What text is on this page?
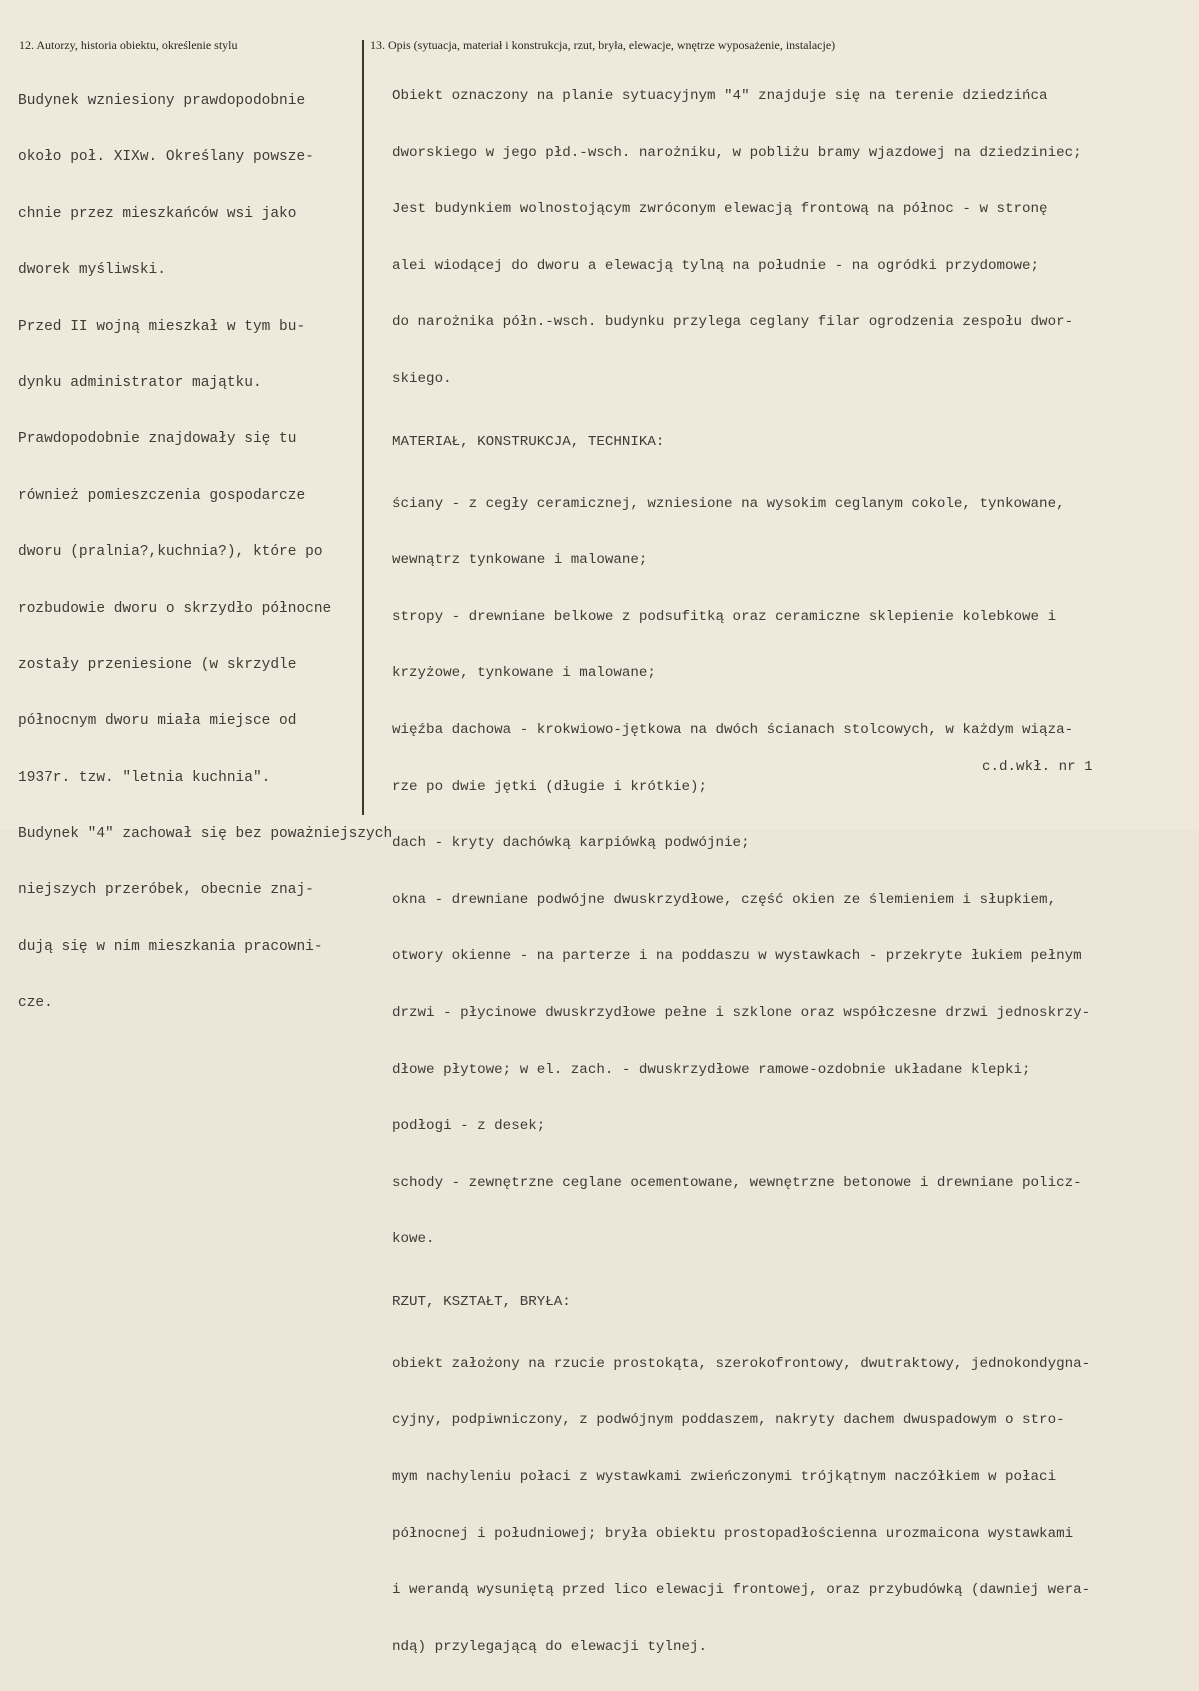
12. Autorzy, historia obiektu, określenie stylu	13. Opis (sytuacja, materiał i konstrukcja, rzut, bryła, elewacje, wnętrze wyposażenie, instalacje)

Budynek wzniesiony prawdopodobnie

około poł. XIXw. Określany powsze-

chnie przez mieszkańców wsi jako

dworek myśliwski.

Przed II wojną mieszkał w tym bu-

dynku administrator majątku.

Prawdopodobnie znajdowały się tu

również pomieszczenia gospodarcze

dworu (pralnia?,kuchnia?), które po

rozbudowie dworu o skrzydło północne

zostały przeniesione (w skrzydle

północnym dworu miała miejsce od

1937r. tzw. "letnia kuchnia".

Budynek "4" zachował się bez poważniejszych

niejszych przeróbek, obecnie znaj-

dują się w nim mieszkania pracowni-

cze.

Obiekt oznaczony na planie sytuacyjnym "4" znajduje się na terenie dziedzińca

dworskiego w jego płd.-wsch. narożniku, w pobliżu bramy wjazdowej na dziedziniec;

Jest budynkiem wolnostojącym zwróconym elewacją frontową na północ - w stronę

alei wiodącej do dworu a elewacją tylną na południe - na ogródki przydomowe;

do narożnika półn.-wsch. budynku przylega ceglany filar ogrodzenia zespołu dwor-

skiego.

MATERIAŁ, KONSTRUKCJA, TECHNIKA:

ściany - z cegły ceramicznej, wzniesione na wysokim ceglanym cokole, tynkowane,

wewnątrz tynkowane i malowane;

stropy - drewniane belkowe z podsufitką oraz ceramiczne sklepienie kolebkowe i

krzyżowe, tynkowane i malowane;

więźba dachowa - krokwiowo-jętkowa na dwóch ścianach stolcowych, w każdym wiąza-

rze po dwie jętki (długie i krótkie);

dach - kryty dachówką karpiówką podwójnie;

okna - drewniane podwójne dwuskrzydłowe, część okien ze ślemieniem i słupkiem,

otwory okienne - na parterze i na poddaszu w wystawkach - przekryte łukiem pełnym

drzwi - płycinowe dwuskrzydłowe pełne i szklone oraz współczesne drzwi jednoskrzy-

dłowe płytowe; w el. zach. - dwuskrzydłowe ramowe-ozdobnie układane klepki;

podłogi - z desek;

schody - zewnętrzne ceglane ocementowane, wewnętrzne betonowe i drewniane policz-

kowe.

RZUT, KSZTAŁT, BRYŁA:

obiekt założony na rzucie prostokąta, szerokofrontowy, dwutraktowy, jednokondygna-

cyjny, podpiwniczony, z podwójnym poddaszem, nakryty dachem dwuspadowym o stro-

mym nachyleniu połaci z wystawkami zwieńczonymi trójkątnym naczółkiem w połaci

północnej i południowej; bryła obiektu prostopadłościenna urozmaicona wystawkami

i werandą wysuniętą przed lico elewacji frontowej, oraz przybudówką (dawniej wera-

ndą) przylegającą do elewacji tylnej.

c.d.wkł. nr 1
